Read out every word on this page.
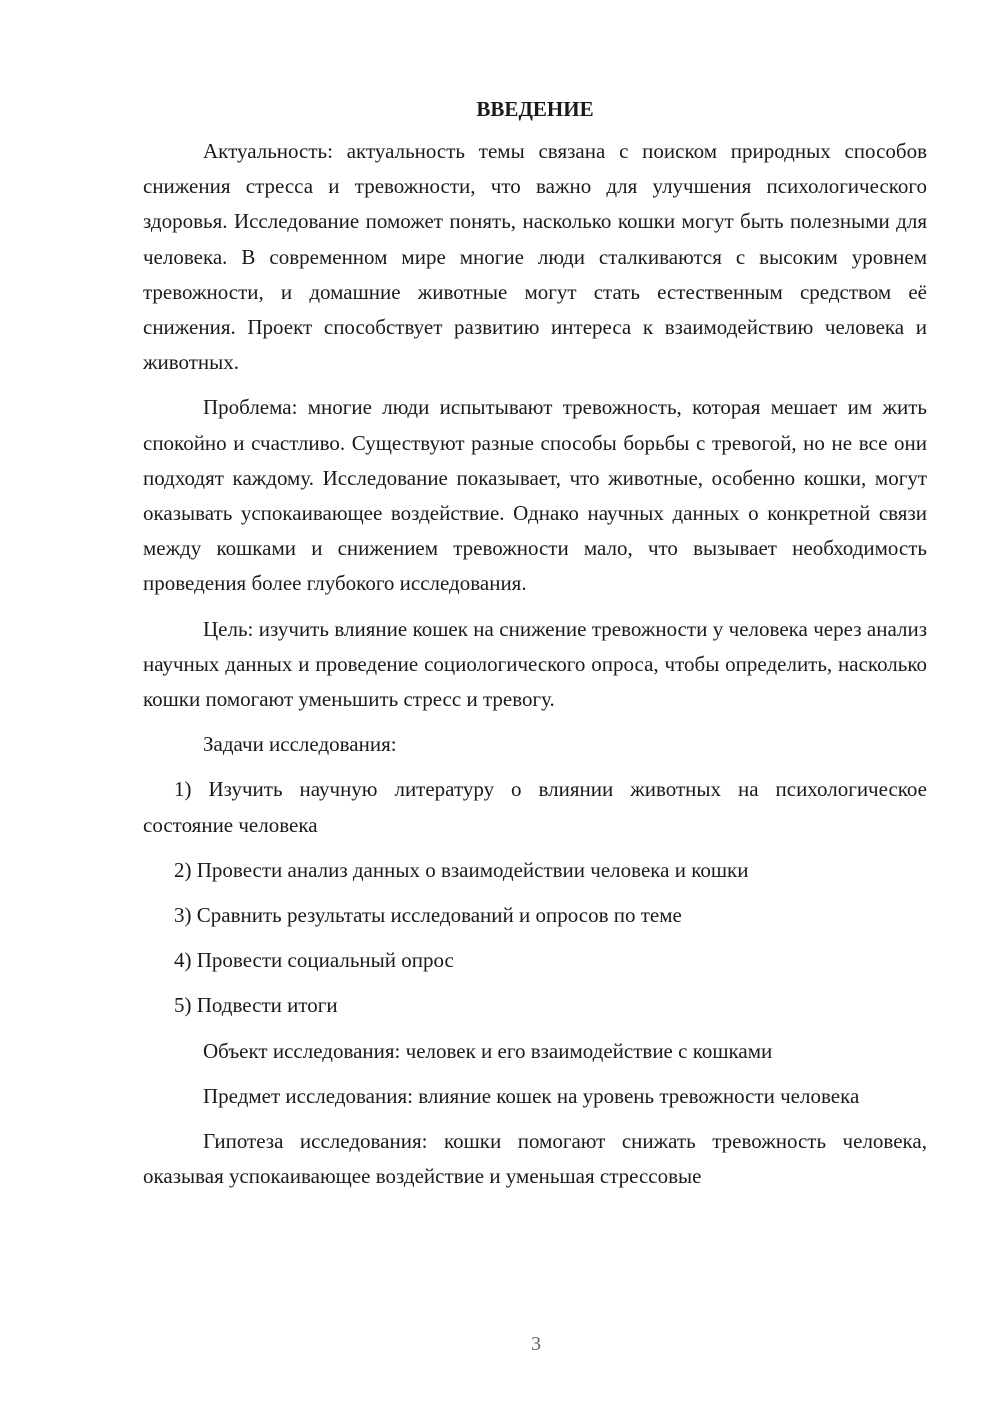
ВВЕДЕНИЕ

Актуальность: актуальность темы связана с поиском природных способов снижения стресса и тревожности, что важно для улучшения психологического здоровья. Исследование поможет понять, насколько кошки могут быть полезными для человека. В современном мире многие люди сталкиваются с высоким уровнем тревожности, и домашние животные могут стать естественным средством её снижения. Проект способствует развитию интереса к взаимодействию человека и животных.

Проблема: многие люди испытывают тревожность, которая мешает им жить спокойно и счастливо. Существуют разные способы борьбы с тревогой, но не все они подходят каждому. Исследование показывает, что животные, особенно кошки, могут оказывать успокаивающее воздействие. Однако научных данных о конкретной связи между кошками и снижением тревожности мало, что вызывает необходимость проведения более глубокого исследования.

Цель: изучить влияние кошек на снижение тревожности у человека через анализ научных данных и проведение социологического опроса, чтобы определить, насколько кошки помогают уменьшить стресс и тревогу.

Задачи исследования:

1) Изучить научную литературу о влиянии животных на психологическое состояние человека

2) Провести анализ данных о взаимодействии человека и кошки

3) Сравнить результаты исследований и опросов по теме

4) Провести социальный опрос

5) Подвести итоги

Объект исследования: человек и его взаимодействие с кошками

Предмет исследования: влияние кошек на уровень тревожности человека

Гипотеза исследования: кошки помогают снижать тревожность человека, оказывая успокаивающее воздействие и уменьшая стрессовые

3
